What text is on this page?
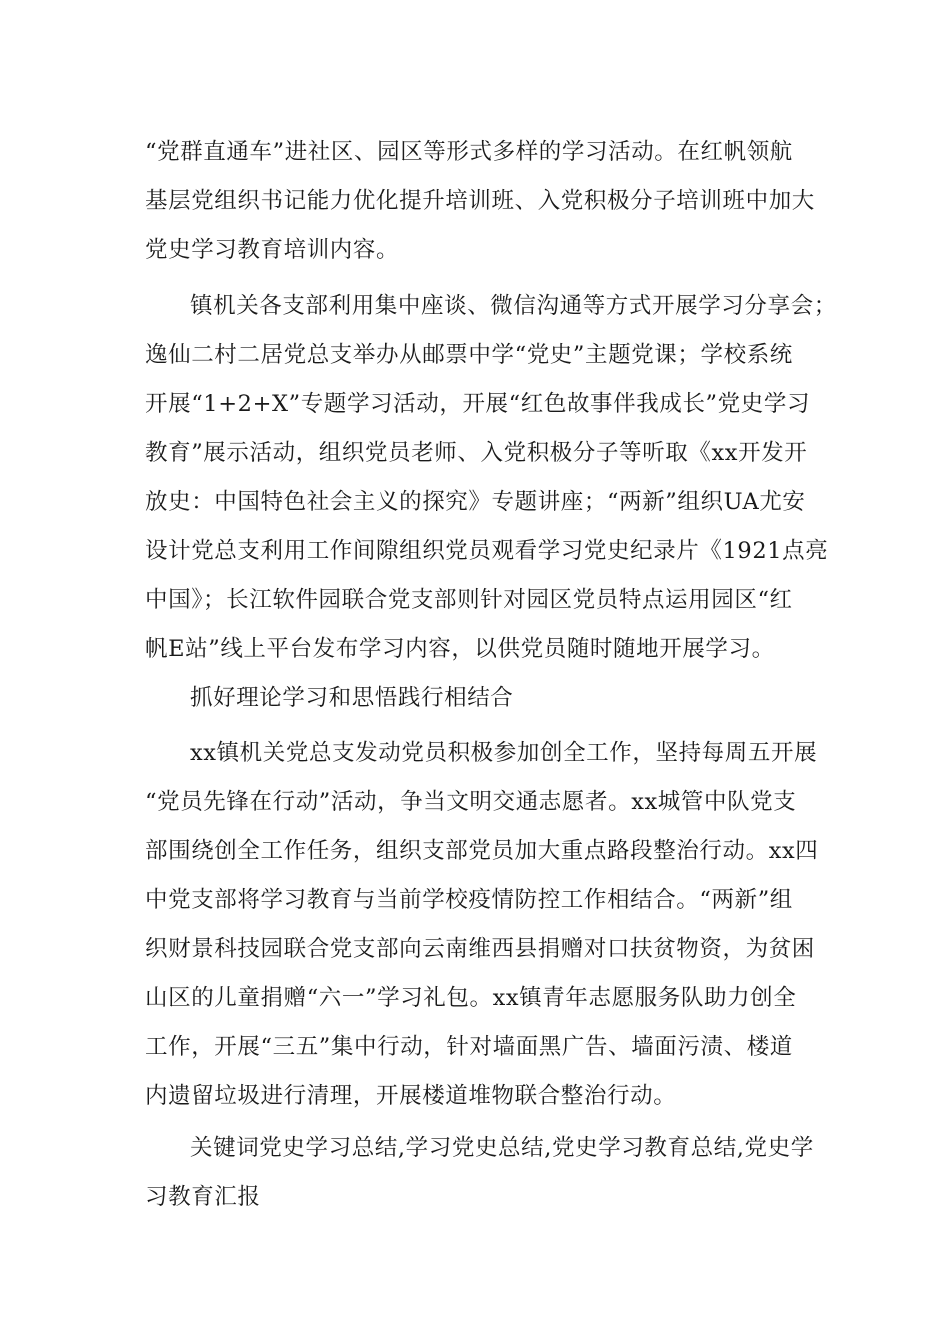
“党群直通车”进社区、园区等形式多样的学习活动。在红帆领航
基层党组织书记能力优化提升培训班、入党积极分子培训班中加大
党史学习教育培训内容。
镇机关各支部利用集中座谈、微信沟通等方式开展学习分享会；
逸仙二村二居党总支举办从邮票中学“党史”主题党课；学校系统
开展“1+2+X”专题学习活动，开展“红色故事伴我成长”党史学习
教育”展示活动，组织党员老师、入党积极分子等听取《xx开发开
放史：中国特色社会主义的探究》专题讲座；“两新”组织UA尤安
设计党总支利用工作间隙组织党员观看学习党史纪录片《1921点亮
中国》；长江软件园联合党支部则针对园区党员特点运用园区“红
帆E站”线上平台发布学习内容，以供党员随时随地开展学习。
抓好理论学习和思悟践行相结合
xx镇机关党总支发动党员积极参加创全工作，坚持每周五开展
“党员先锋在行动”活动，争当文明交通志愿者。xx城管中队党支
部围绕创全工作任务，组织支部党员加大重点路段整治行动。xx四
中党支部将学习教育与当前学校疫情防控工作相结合。“两新”组
织财景科技园联合党支部向云南维西县捐赠对口扶贫物资，为贫困
山区的儿童捐赠“六一”学习礼包。xx镇青年志愿服务队助力创全
工作，开展“三五”集中行动，针对墙面黑广告、墙面污渍、楼道
内遗留垃圾进行清理，开展楼道堆物联合整治行动。
关键词党史学习总结,学习党史总结,党史学习教育总结,党史学
习教育汇报
